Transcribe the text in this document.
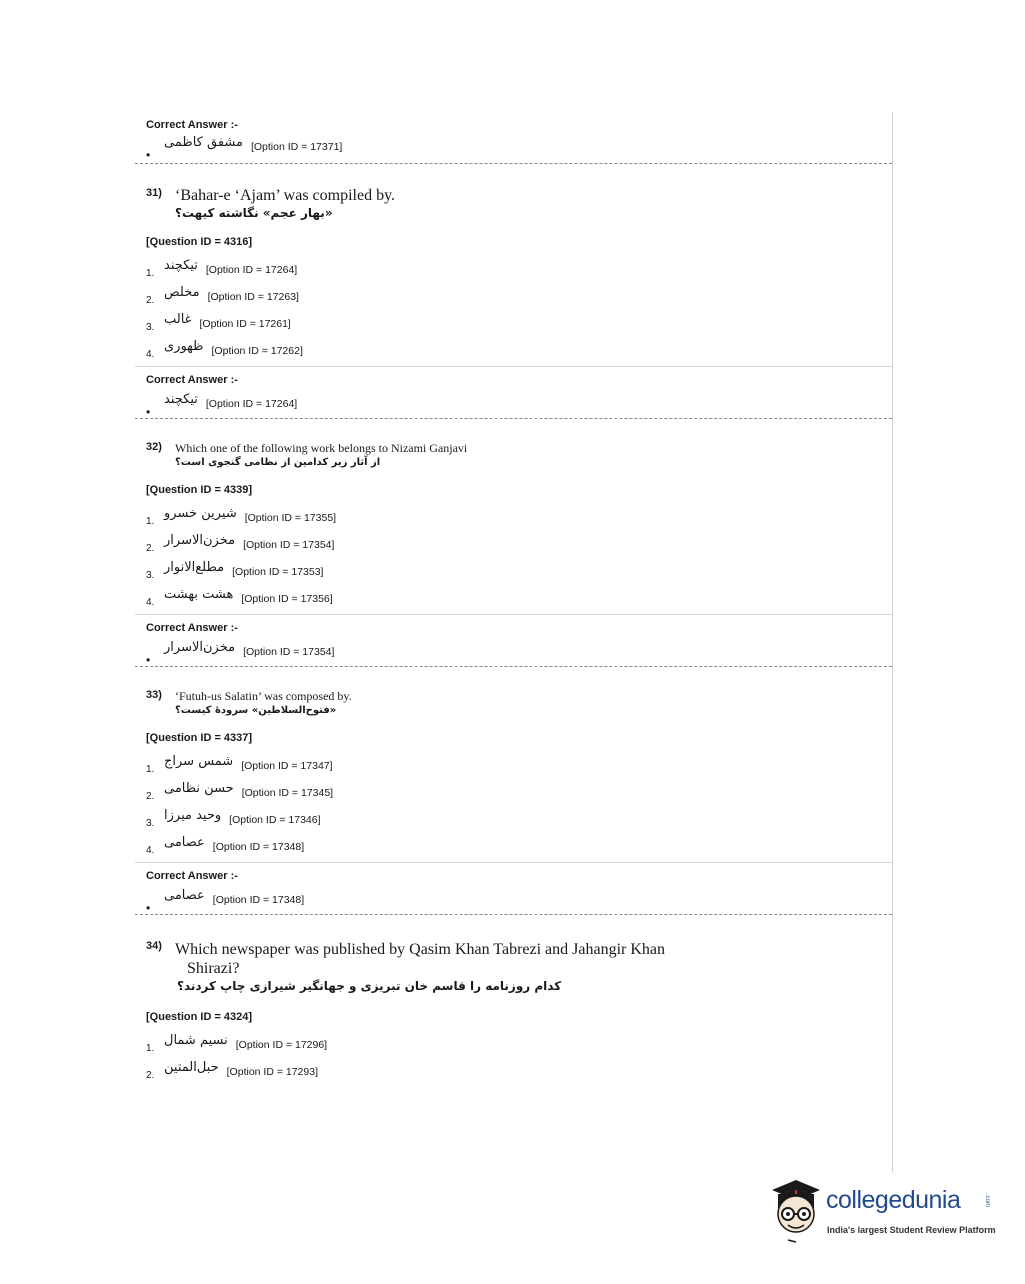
Correct Answer :-
•
مشفق کاظمی [Option ID = 17371]
31) ‘Bahar-e ‘Ajam’ was compiled by.
«بهار عجم» نگاشته کیهت؟
[Question ID = 4316]
1.
تیکچند [Option ID = 17264]
2.
مخلص [Option ID = 17263]
3.
غالب [Option ID = 17261]
4.
ظهوری [Option ID = 17262]
Correct Answer :-
•
تیکچند [Option ID = 17264]
32)	Which one of the following work belongs to Nizami Ganjavi
از آثار زیر کدامین از نظامی گنجوی است؟
[Question ID = 4339]
1.
شیرین خسرو [Option ID = 17355]
2.
مخزن‌الاسرار [Option ID = 17354]
3.
مطلع‌الانوار [Option ID = 17353]
4.
هشت بهشت [Option ID = 17356]
Correct Answer :-
•
مخزن‌الاسرار [Option ID = 17354]
33)	‘Futuh-us Salatin’ was composed by.
«فتوح‌السلاطین» سرودهٔ کیست؟
[Question ID = 4337]
1.
شمس سراج [Option ID = 17347]
2.
حسن نظامی [Option ID = 17345]
3.
وحید میرزا [Option ID = 17346]
4.
عصامی [Option ID = 17348]
Correct Answer :-
•
عصامی [Option ID = 17348]
34) Which newspaper was published by Qasim Khan Tabrezi and Jahangir Khan
Shirazi?
کدام روزنامه را قاسم خان تبریزی و جهانگیر شیرازی چاپ کردند؟
[Question ID = 4324]
1.
نسیم شمال [Option ID = 17296]
2.
حبل‌المتین [Option ID = 17293]
collegedunia	.com
India's largest Student Review Platform
